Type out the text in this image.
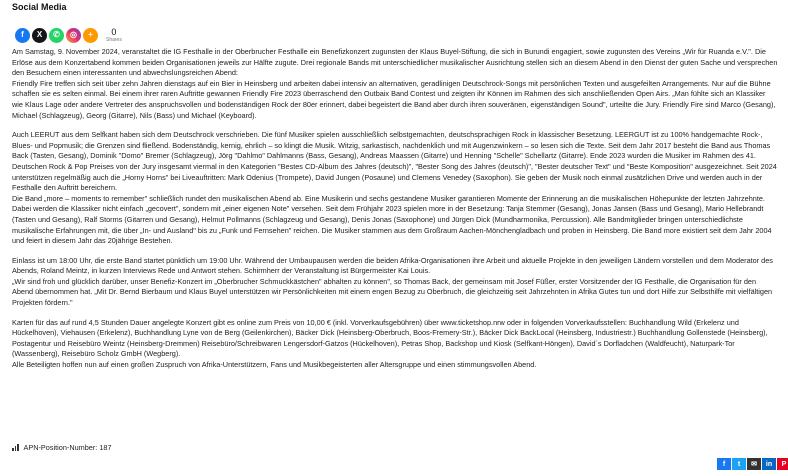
Social Media
f	X	✆	◎	+	0
Shares

Am Samstag, 9. November 2024, veranstaltet die IG Festhalle in der Oberbrucher Festhalle ein Benefizkonzert zugunsten der Klaus Buyel-Stiftung, die sich in Burundi engagiert, sowie zugunsten des Vereins „Wir für Ruanda e.V.". Die Erlöse aus dem Konzertabend kommen beiden Organisationen jeweils zur Hälfte zugute. Drei regionale Bands mit unterschiedlicher musikalischer Ausrichtung stellen sich an diesem Abend in den Dienst der guten Sache und versprechen den Besuchern einen interessanten und abwechslungsreichen Abend:

Friendly Fire treffen sich seit über zehn Jahren dienstags auf ein Bier in Heinsberg und arbeiten dabei intensiv an alternativen, geradlinigen Deutschrock-Songs mit persönlichen Texten und ausgefeilten Arrangements. Nur auf die Bühne schaffen sie es selten einmal. Bei einem ihrer raren Auftritte gewannen Friendly Fire 2023 überraschend den Outbaix Band Contest und zeigten ihr Können im Rahmen des sich anschließenden Open Airs. „Man fühlte sich an Klassiker wie Klaus Lage oder andere Vertreter des anspruchsvollen und bodenständigen Rock der 80er erinnert, dabei begeistert die Band aber durch ihren souveränen, eigenständigen Sound", urteilte die Jury. Friendly Fire sind Marco (Gesang), Michael (Schlagzeug), Georg (Gitarre), Nils (Bass) und Michael (Keyboard).

Auch LEERUT aus dem Selfkant haben sich dem Deutschrock verschrieben. Die fünf Musiker spielen ausschließlich selbstgemachten, deutschsprachigen Rock in klassischer Besetzung. LEERGUT ist zu 100% handgemachte Rock-, Blues- und Popmusik; die Grenzen sind fließend. Bodenständig, kernig, ehrlich – so klingt die Musik. Witzig, sarkastisch, nachdenklich und mit Augenzwinkern – so lesen sich die Texte. Seit dem Jahr 2017 besteht die Band aus Thomas Back (Tasten, Gesang), Dominik "Domo" Bremer (Schlagzeug), Jörg "Dahlmo" Dahlmanns (Bass, Gesang), Andreas Maassen (Gitarre) und Henning "Schelle" Schellartz (Gitarre). Ende 2023 wurden die Musiker im Rahmen des 41. Deutschen Rock & Pop Preises von der Jury insgesamt viermal in den Kategorien "Bestes CD-Album des Jahres (deutsch)", "Bester Song des Jahres (deutsch)", "Bester deutscher Text" und "Beste Komposition" ausgezeichnet. Seit 2024 unterstützen regelmäßig auch die „Horny Horns" bei Liveauftritten: Mark Odenius (Trompete), David Jungen (Posaune) und Clemens Venedey (Saxophon). Sie geben der Musik noch einmal zusätzlichen Drive und werden auch in der Festhalle den Auftritt bereichern.

Die Band „more – moments to remember" schließlich rundet den musikalischen Abend ab. Eine Musikerin und sechs gestandene Musiker garantieren Momente der Erinnerung an die musikalischen Höhepunkte der letzten Jahrzehnte. Dabei werden die Klassiker nicht einfach „gecovert", sondern mit „einer eigenen Note" versehen. Seit dem Frühjahr 2023 spielen more in der Besetzung: Tanja Stemmer (Gesang), Jonas Jansen (Bass und Gesang), Mario Hellebrandt (Tasten und Gesang), Ralf Storms (Gitarren und Gesang), Helmut Pollmanns (Schlagzeug und Gesang), Denis Jonas (Saxophone) und Jürgen Dick (Mundharmonika, Percussion). Alle Bandmitglieder bringen unterschiedlichste musikalische Erfahrungen mit, die über „In- und Ausland" bis zu „Funk und Fernsehen" reichen. Die Musiker stammen aus dem Großraum Aachen-Mönchengladbach und proben in Heinsberg. Die Band more existiert seit dem Jahr 2004 und feiert in diesem Jahr das 20jährige Bestehen.

Einlass ist um 18:00 Uhr, die erste Band startet pünktlich um 19:00 Uhr. Während der Umbaupausen werden die beiden Afrika-Organisationen ihre Arbeit und aktuelle Projekte in den jeweiligen Ländern vorstellen und dem Moderator des Abends, Roland Meintz, in kurzen Interviews Rede und Antwort stehen. Schirmherr der Veranstaltung ist Bürgermeister Kai Louis.

„Wir sind froh und glücklich darüber, unser Benefiz-Konzert im „Oberbrucher Schmuckkästchen" abhalten zu können", so Thomas Back, der gemeinsam mit Josef Füßer, erster Vorsitzender der IG Festhalle, die Organisation für den Abend übernommen hat. „Mit Dr. Bernd Bierbaum und Klaus Buyel unterstützen wir Persönlichkeiten mit einem engen Bezug zu Oberbruch, die gleichzeitig seit Jahrzehnten in Afrika Gutes tun und dort Hilfe zur Selbsthilfe mit vielfältigen Projekten fördern."

Karten für das auf rund 4,5 Stunden Dauer angelegte Konzert gibt es online zum Preis von 10,00 € (inkl. Vorverkaufsgebühren) über www.ticketshop.nrw oder in folgenden Vorverkaufsstellen: Buchhandlung Wild (Erkelenz und Hückelhoven), Viehausen (Erkelenz), Buchhandlung Lyne von de Berg (Geilenkirchen), Bäcker Dick (Heinsberg-Oberbruch, Boos-Fremery-Str.), Bäcker Dick BackLocal (Heinsberg, Industriestr.) Buchhandlung Gollenstede (Heinsberg), Postagentur und Reisebüro Weintz (Heinsberg-Dremmen) Reisebüro/Schreibwaren Lengersdorf-Gatzos (Hückelhoven), Petras Shop, Backshop und Kiosk (Selfkant-Höngen), David´s Dorfladchen (Waldfeucht), Naturpark-Tor (Wassenberg), Reisebüro Scholz GmbH (Wegberg).

Alle Beteiligten hoffen nun auf einen großen Zuspruch von Afrika-Unterstützern, Fans und Musikbegeisterten aller Altersgruppe und einen stimmungsvollen Abend.

APN-Position-Number: 187
f	t	✉	in	P
